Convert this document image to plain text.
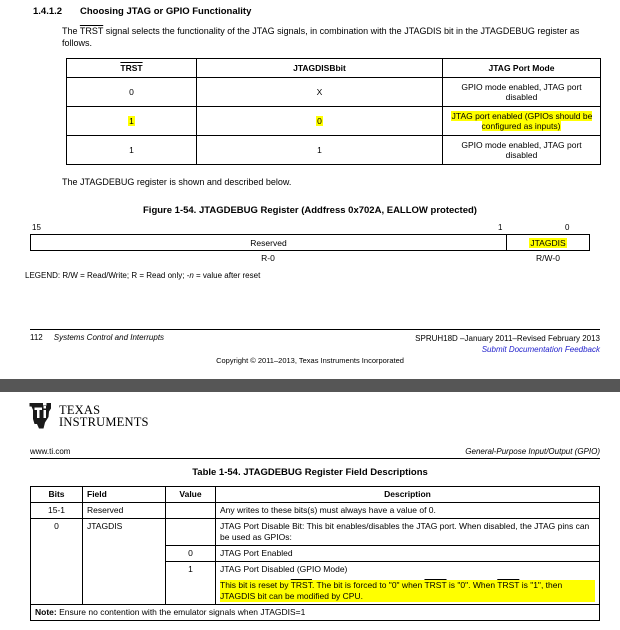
1.4.1.2	Choosing JTAG or GPIO Functionality

The TRST signal selects the functionality of the JTAG signals, in combination with the JTAGDIS bit in the JTAGDEBUG register as follows.

TRST	JTAGDISBbit	JTAG Port Mode
0	X	GPIO mode enabled, JTAG port disabled
1	0	JTAG port enabled (GPIOs should be configured as inputs)
1	1	GPIO mode enabled, JTAG port disabled

The JTAGDEBUG register is shown and described below.

Figure 1-54. JTAGDEBUG Register (Addfress 0x702A, EALLOW protected)
15	1	0
Reserved	JTAGDIS
R-0	R/W-0
LEGEND: R/W = Read/Write; R = Read only; -n = value after reset
112 Systems Control and Interrupts	SPRUH18D –January 2011–Revised February 2013
Submit Documentation Feedback
Copyright © 2011–2013, Texas Instruments Incorporated
TEXAS
INSTRUMENTS
www.ti.com	General-Purpose Input/Output (GPIO)
Table 1-54. JTAGDEBUG Register Field Descriptions
Bits	Field	Value	Description
15-1	Reserved		Any writes to these bits(s) must always have a value of 0.
0	JTAGDIS		JTAG Port Disable Bit: This bit enables/disables the JTAG port. When disabled, the JTAG pins can be used as GPIOs:
		0	JTAG Port Enabled
		1	JTAG Port Disabled (GPIO Mode)
This bit is reset by TRST. The bit is forced to "0" when TRST is "0". When TRST is "1", then JTAGDIS bit can be modified by CPU.

Note: Ensure no contention with the emulator signals when JTAGDIS=1			
